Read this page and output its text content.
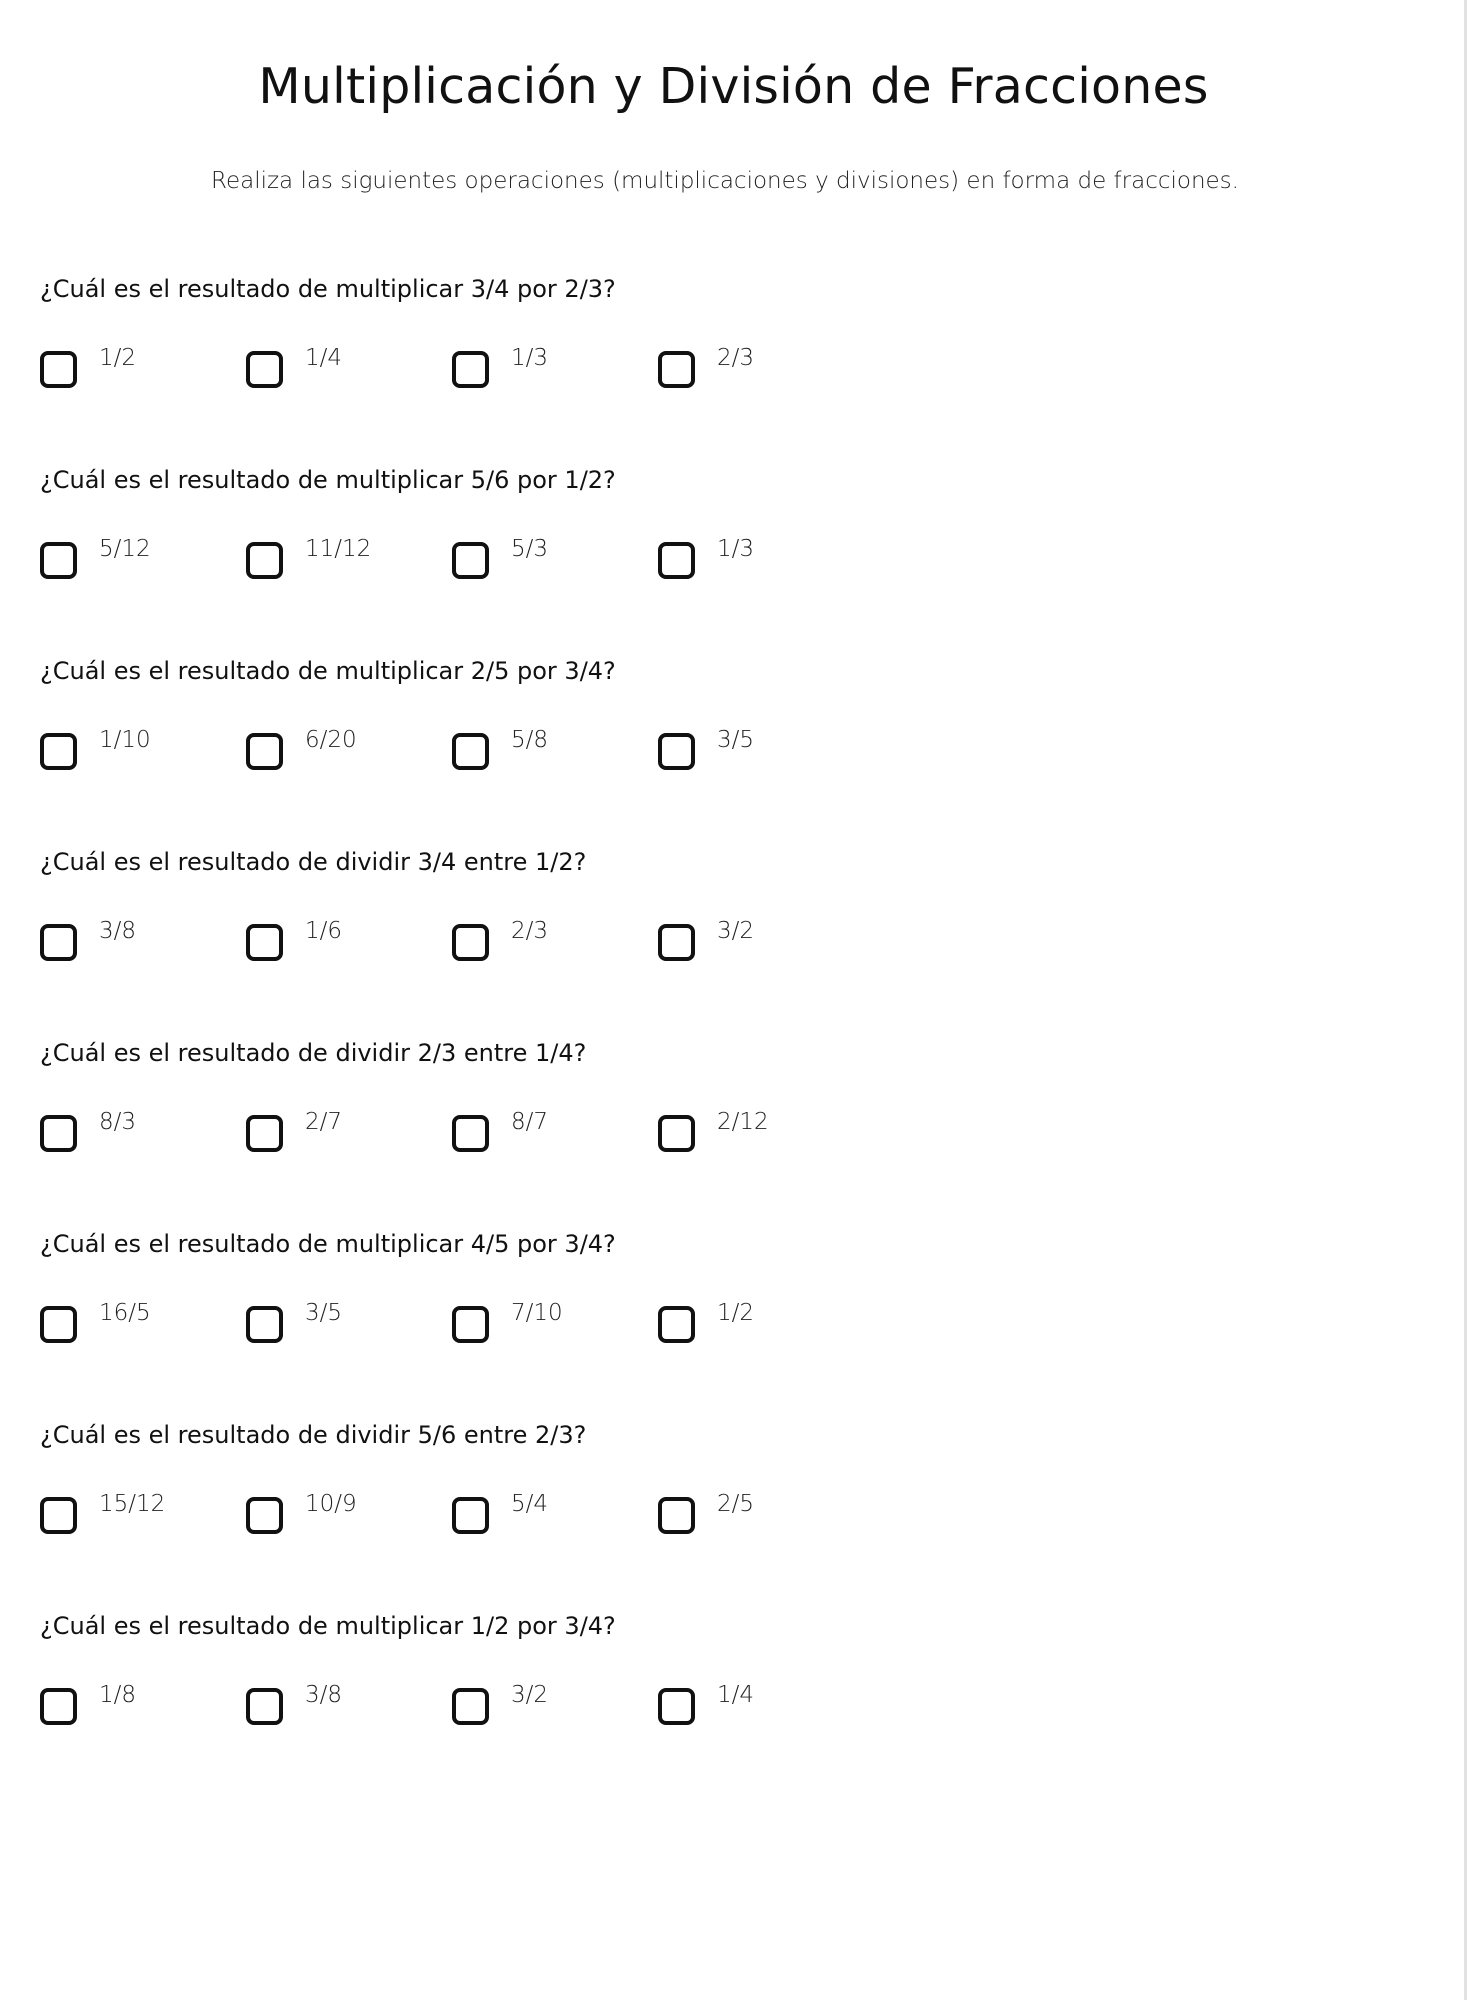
Multiplicación y División de Fracciones
Realiza las siguientes operaciones (multiplicaciones y divisiones) en forma de fracciones.
¿Cuál es el resultado de multiplicar 3/4 por 2/3?
1/2	1/4	1/3	2/3
¿Cuál es el resultado de multiplicar 5/6 por 1/2?
5/12	11/12	5/3	1/3
¿Cuál es el resultado de multiplicar 2/5 por 3/4?
1/10	6/20	5/8	3/5
¿Cuál es el resultado de dividir 3/4 entre 1/2?
3/8	1/6	2/3	3/2
¿Cuál es el resultado de dividir 2/3 entre 1/4?
8/3	2/7	8/7	2/12
¿Cuál es el resultado de multiplicar 4/5 por 3/4?
16/5	3/5	7/10	1/2
¿Cuál es el resultado de dividir 5/6 entre 2/3?
15/12	10/9	5/4	2/5
¿Cuál es el resultado de multiplicar 1/2 por 3/4?
1/8	3/8	3/2	1/4
